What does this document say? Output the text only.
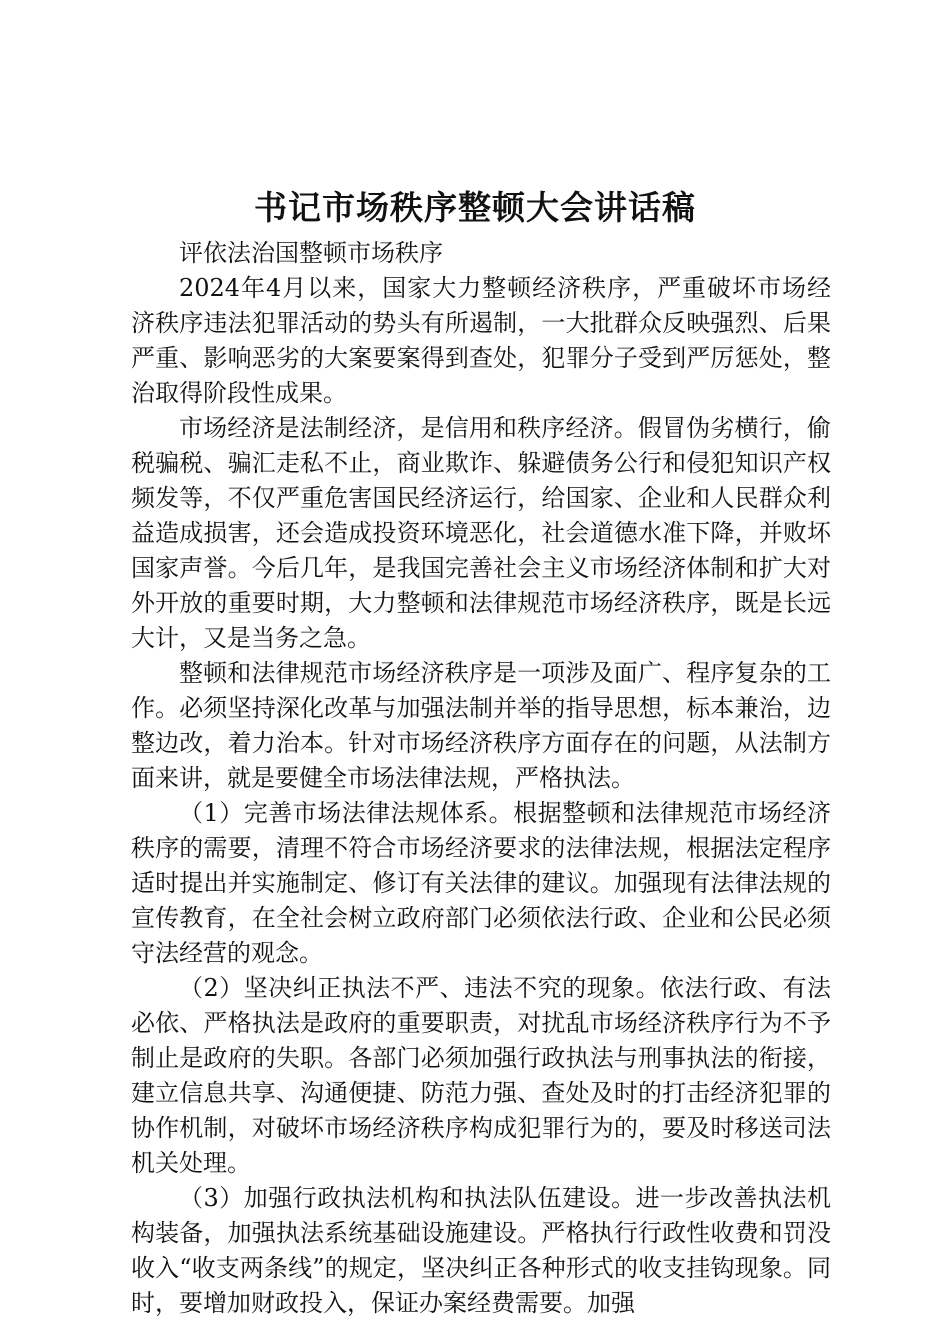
书记市场秩序整顿大会讲话稿

评依法治国整顿市场秩序

2024年4月以来，国家大力整顿经济秩序，严重破坏市场经济秩序违法犯罪活动的势头有所遏制，一大批群众反映强烈、后果严重、影响恶劣的大案要案得到查处，犯罪分子受到严厉惩处，整治取得阶段性成果。

市场经济是法制经济，是信用和秩序经济。假冒伪劣横行，偷税骗税、骗汇走私不止，商业欺诈、躲避债务公行和侵犯知识产权频发等，不仅严重危害国民经济运行，给国家、企业和人民群众利益造成损害，还会造成投资环境恶化，社会道德水准下降，并败坏国家声誉。今后几年，是我国完善社会主义市场经济体制和扩大对外开放的重要时期，大力整顿和法律规范市场经济秩序，既是长远大计，又是当务之急。

整顿和法律规范市场经济秩序是一项涉及面广、程序复杂的工作。必须坚持深化改革与加强法制并举的指导思想，标本兼治，边整边改，着力治本。针对市场经济秩序方面存在的问题，从法制方面来讲，就是要健全市场法律法规，严格执法。

（1）完善市场法律法规体系。根据整顿和法律规范市场经济秩序的需要，清理不符合市场经济要求的法律法规，根据法定程序适时提出并实施制定、修订有关法律的建议。加强现有法律法规的宣传教育，在全社会树立政府部门必须依法行政、企业和公民必须守法经营的观念。

（2）坚决纠正执法不严、违法不究的现象。依法行政、有法必依、严格执法是政府的重要职责，对扰乱市场经济秩序行为不予制止是政府的失职。各部门必须加强行政执法与刑事执法的衔接，建立信息共享、沟通便捷、防范力强、查处及时的打击经济犯罪的协作机制，对破坏市场经济秩序构成犯罪行为的，要及时移送司法机关处理。

（3）加强行政执法机构和执法队伍建设。进一步改善执法机构装备，加强执法系统基础设施建设。严格执行行政性收费和罚没收入“收支两条线”的规定，坚决纠正各种形式的收支挂钩现象。同时，要增加财政投入，保证办案经费需要。加强
